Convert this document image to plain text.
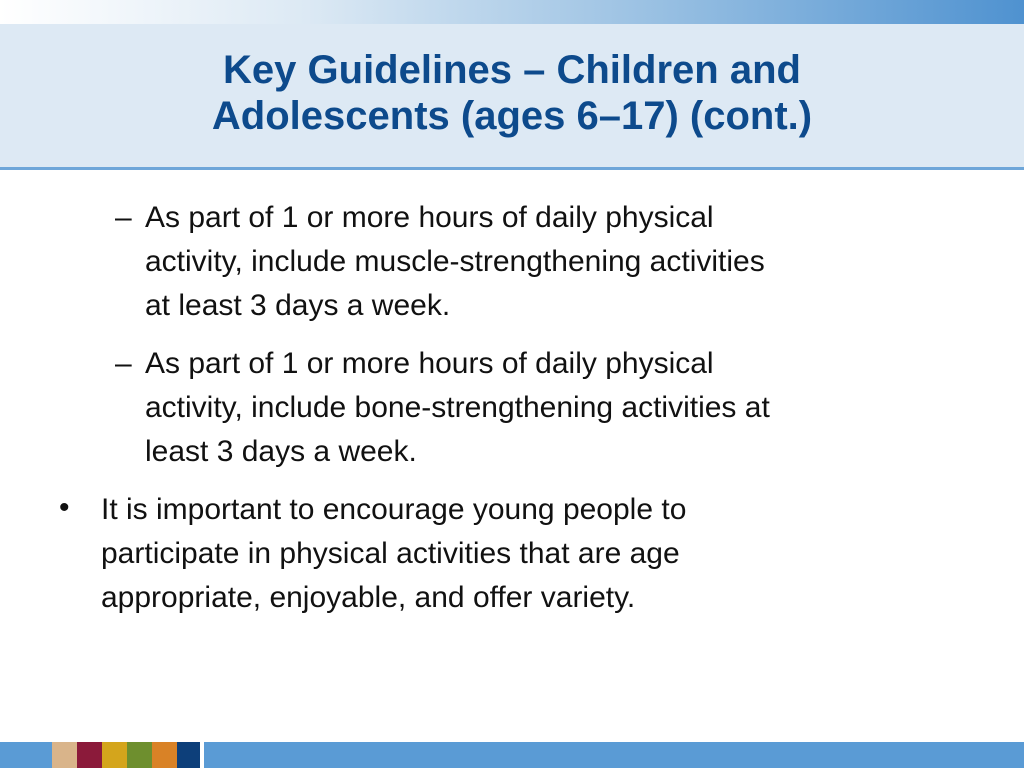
Key Guidelines – Children and
Adolescents (ages 6–17) (cont.)
– As part of 1 or more hours of daily physical
activity, include muscle-strengthening activities
at least 3 days a week.
– As part of 1 or more hours of daily physical
activity, include bone-strengthening activities at
least 3 days a week.
• It is important to encourage young people to
participate in physical activities that are age
appropriate, enjoyable, and offer variety.
